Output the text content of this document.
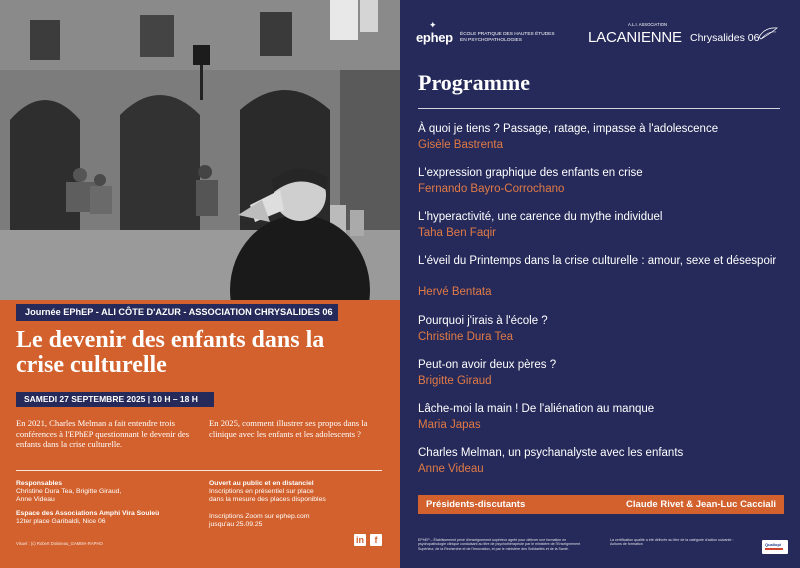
Journée EPhEP - ALI CÔTE D'AZUR - ASSOCIATION CHRYSALIDES 06
Le devenir des enfants dans la
crise culturelle
SAMEDI 27 SEPTEMBRE 2025 | 10 H – 18 H

En 2021, Charles Melman a fait entendre trois conférences à l'EPhEP questionnant le devenir des enfants dans la crise culturelle.

En 2025, comment illustrer ses propos dans la clinique avec les enfants et les adolescents ?

Responsables
Christine Dura Tea, Brigitte Giraud,
Anne Videau
Espace des Associations Amphi Vira Souleù
12ter place Garibaldi, Nice 06
Ouvert au public et en distanciel
Inscriptions en présentiel sur place
dans la mesure des places disponibles
Inscriptions Zoom sur ephep.com
jusqu'au 25.09.25
Visuel : (c) Robert Doisneau_GAMMA-RAPHO	in	f
✦
ephep ÉCOLE PRATIQUE DES HAUTES ÉTUDES
EN PSYCHOPATHOLOGIES
A.L.I. ASSOCIATION
LACANIENNE Chrysalides 06
Programme
À quoi je tiens ? Passage, ratage, impasse à l'adolescence
Gisèle Bastrenta
L'expression graphique des enfants en crise
Fernando Bayro-Corrochano
L'hyperactivité, une carence du mythe individuel
Taha Ben Faqir
L'éveil du Printemps dans la crise culturelle : amour, sexe et désespoir
Hervé Bentata
Pourquoi j'irais à l'école ?
Christine Dura Tea
Peut-on avoir deux pères ?
Brigitte Giraud
Lâche-moi la main ! De l'aliénation au manque
Maria Japas
Charles Melman, un psychanalyste avec les enfants
Anne Videau
Présidents-discutants	Claude Rivet & Jean-Luc Cacciali
EPhEP – Établissement privé d'enseignement supérieur agréé pour délivrer une formation en
psychopathologie clinique conduisant au titre de psychothérapeute par le ministère de l'Enseignement
Supérieur, de la Recherche et de l'Innovation, et par le ministère des Solidarités et de la Santé.
La certification qualité a été délivrée au titre de la catégorie d'action suivante :
Actions de formation	Qualiopi
